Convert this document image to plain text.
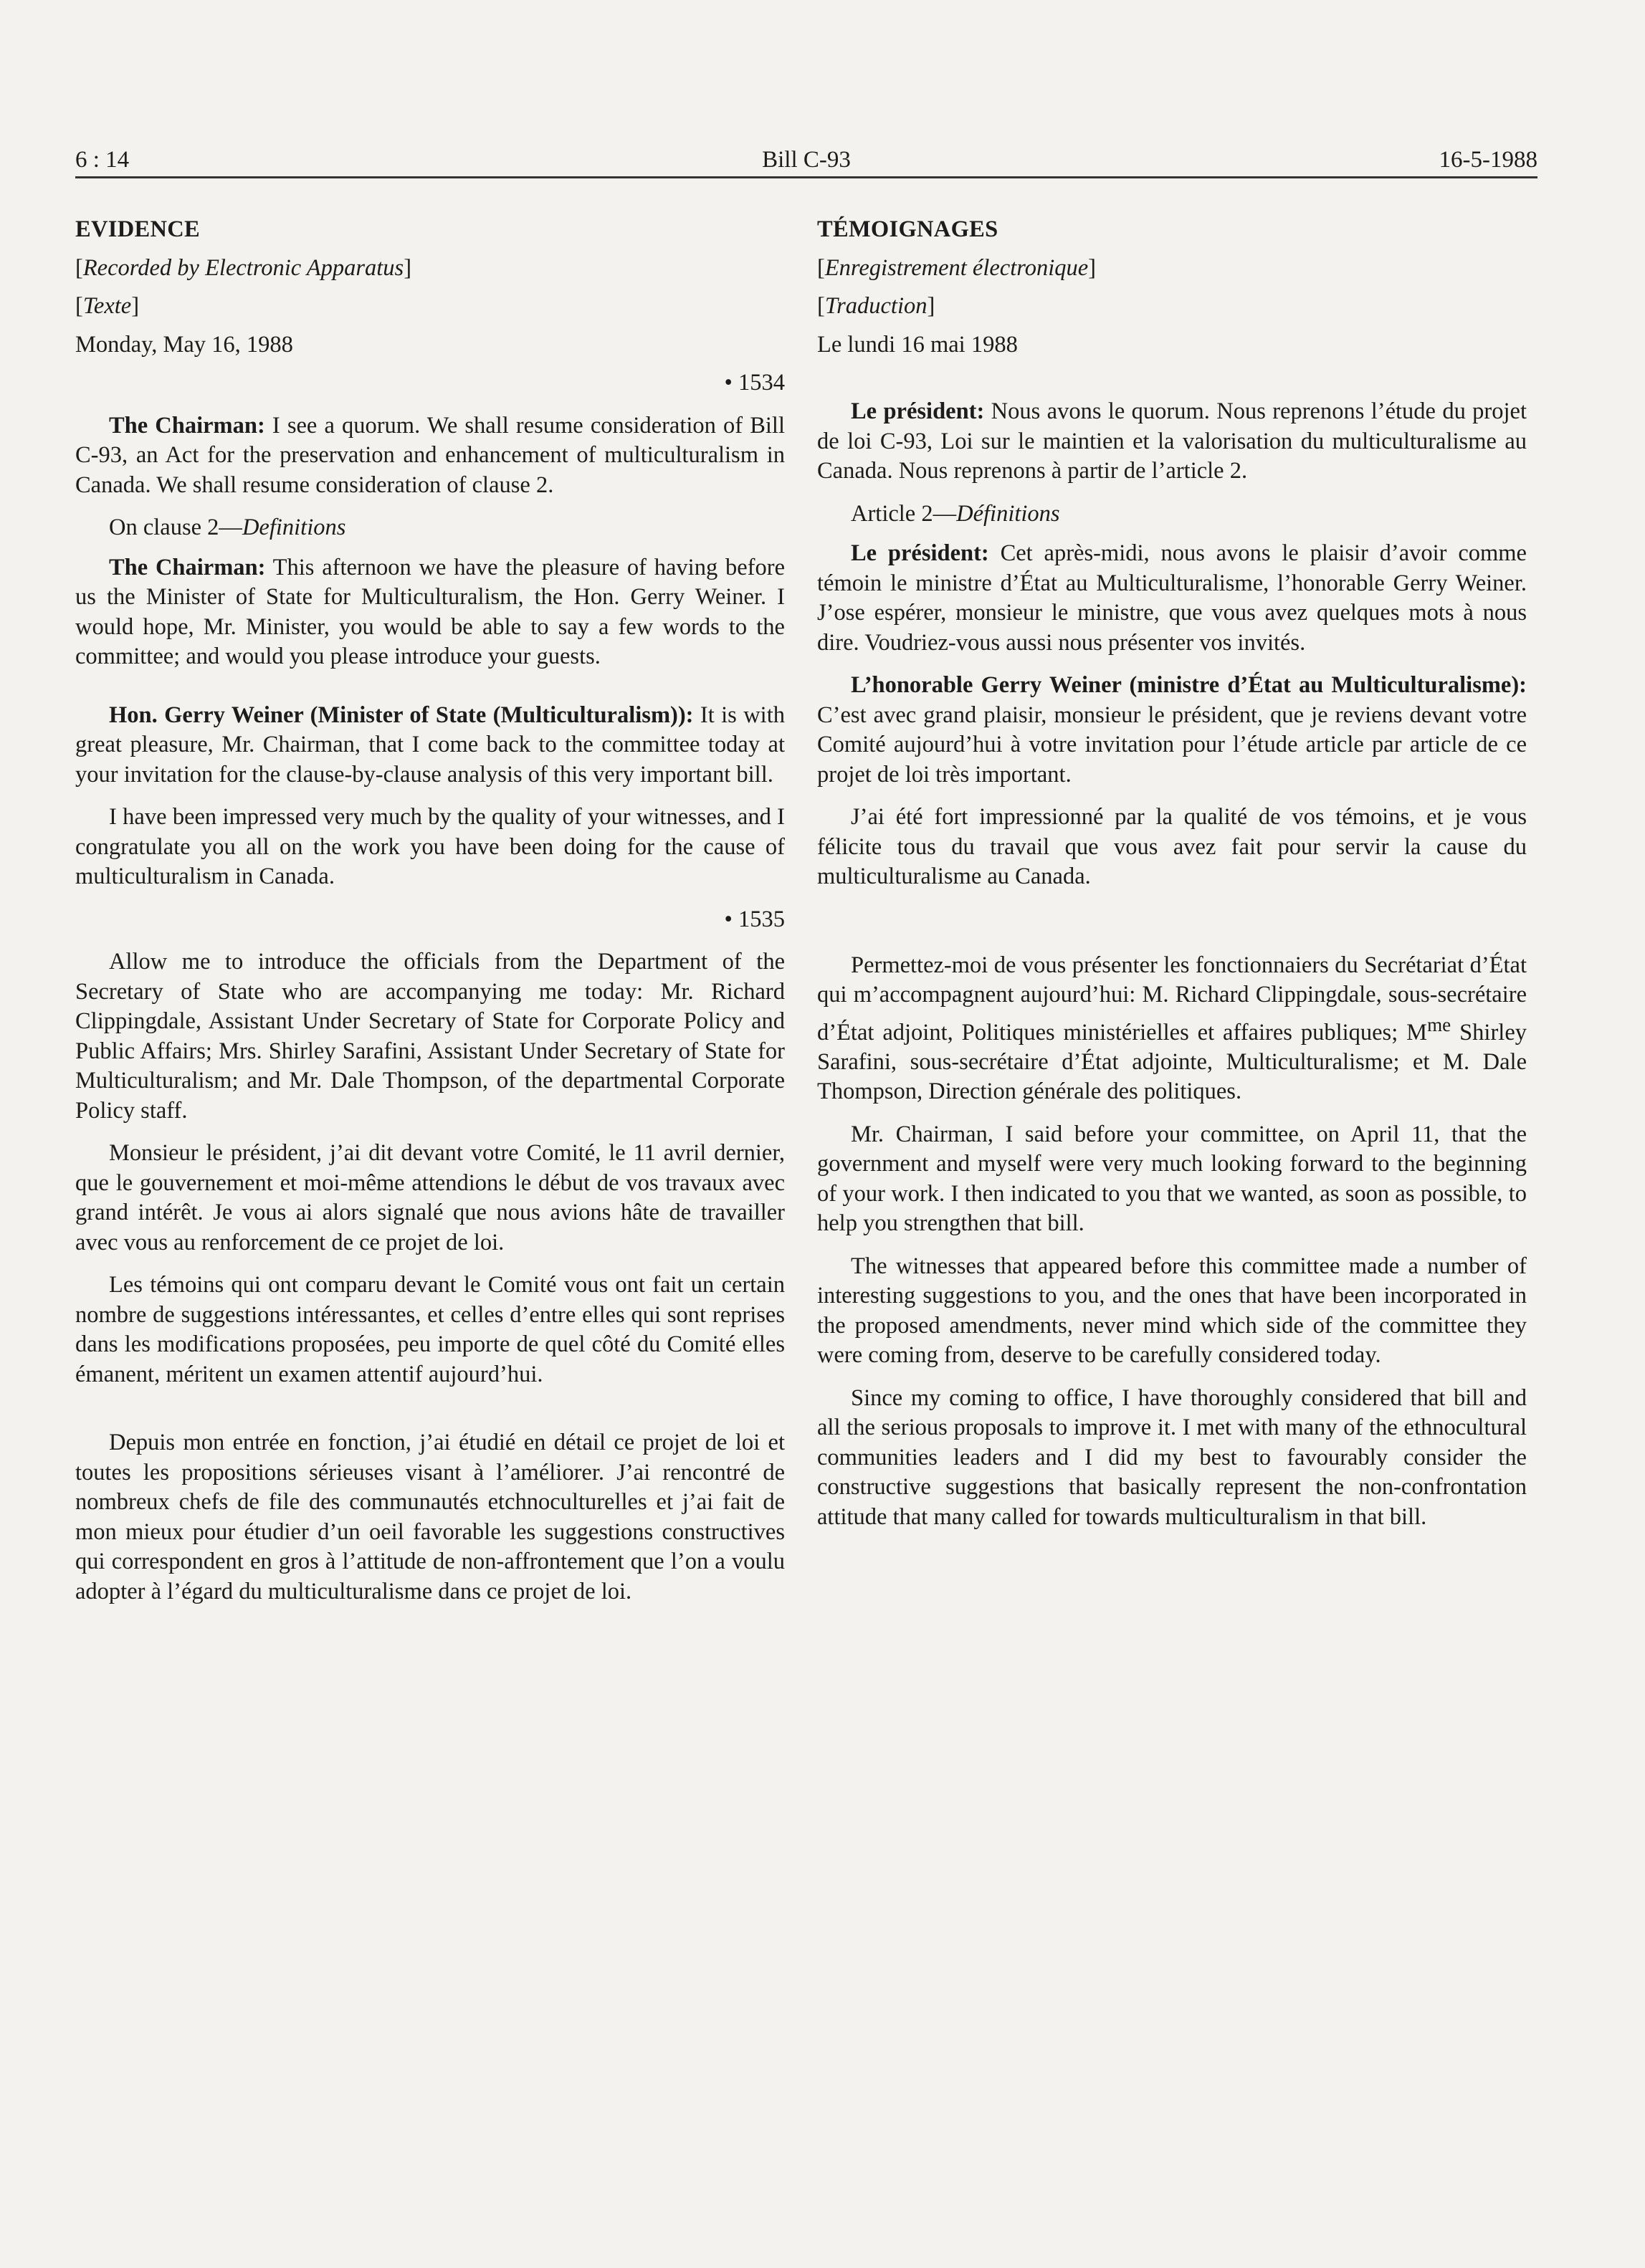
6 : 14	Bill C-93	16-5-1988

EVIDENCE

[Recorded by Electronic Apparatus]

[Texte]

Monday, May 16, 1988

• 1534

The Chairman: I see a quorum. We shall resume consideration of Bill C-93, an Act for the preservation and enhancement of multiculturalism in Canada. We shall resume consideration of clause 2.

On clause 2—Definitions

The Chairman: This afternoon we have the pleasure of having before us the Minister of State for Multiculturalism, the Hon. Gerry Weiner. I would hope, Mr. Minister, you would be able to say a few words to the committee; and would you please introduce your guests.

Hon. Gerry Weiner (Minister of State (Multiculturalism)): It is with great pleasure, Mr. Chairman, that I come back to the committee today at your invitation for the clause-by-clause analysis of this very important bill.

I have been impressed very much by the quality of your witnesses, and I congratulate you all on the work you have been doing for the cause of multiculturalism in Canada.

• 1535

Allow me to introduce the officials from the Department of the Secretary of State who are accompanying me today: Mr. Richard Clippingdale, Assistant Under Secretary of State for Corporate Policy and Public Affairs; Mrs. Shirley Sarafini, Assistant Under Secretary of State for Multiculturalism; and Mr. Dale Thompson, of the departmental Corporate Policy staff.

Monsieur le président, j’ai dit devant votre Comité, le 11 avril dernier, que le gouvernement et moi-même attendions le début de vos travaux avec grand intérêt. Je vous ai alors signalé que nous avions hâte de travailler avec vous au renforcement de ce projet de loi.

Les témoins qui ont comparu devant le Comité vous ont fait un certain nombre de suggestions intéressantes, et celles d’entre elles qui sont reprises dans les modifications proposées, peu importe de quel côté du Comité elles émanent, méritent un examen attentif aujourd’hui.

Depuis mon entrée en fonction, j’ai étudié en détail ce projet de loi et toutes les propositions sérieuses visant à l’améliorer. J’ai rencontré de nombreux chefs de file des communautés etchnoculturelles et j’ai fait de mon mieux pour étudier d’un oeil favorable les suggestions constructives qui correspondent en gros à l’attitude de non-affrontement que l’on a voulu adopter à l’égard du multiculturalisme dans ce projet de loi.

TÉMOIGNAGES

[Enregistrement électronique]

[Traduction]

Le lundi 16 mai 1988

Le président: Nous avons le quorum. Nous reprenons l’étude du projet de loi C-93, Loi sur le maintien et la valorisation du multiculturalisme au Canada. Nous reprenons à partir de l’article 2.

Article 2—Définitions

Le président: Cet après-midi, nous avons le plaisir d’avoir comme témoin le ministre d’État au Multiculturalisme, l’honorable Gerry Weiner. J’ose espérer, monsieur le ministre, que vous avez quelques mots à nous dire. Voudriez-vous aussi nous présenter vos invités.

L’honorable Gerry Weiner (ministre d’État au Multiculturalisme): C’est avec grand plaisir, monsieur le président, que je reviens devant votre Comité aujourd’hui à votre invitation pour l’étude article par article de ce projet de loi très important.

J’ai été fort impressionné par la qualité de vos témoins, et je vous félicite tous du travail que vous avez fait pour servir la cause du multiculturalisme au Canada.

Permettez-moi de vous présenter les fonctionnaiers du Secrétariat d’État qui m’accompagnent aujourd’hui: M. Richard Clippingdale, sous-secrétaire d’État adjoint, Politiques ministérielles et affaires publiques; $M^{me}$ Shirley Sarafini, sous-secrétaire d’État adjointe, Multiculturalisme; et M. Dale Thompson, Direction générale des politiques.

Mr. Chairman, I said before your committee, on April 11, that the government and myself were very much looking forward to the beginning of your work. I then indicated to you that we wanted, as soon as possible, to help you strengthen that bill.

The witnesses that appeared before this committee made a number of interesting suggestions to you, and the ones that have been incorporated in the proposed amendments, never mind which side of the committee they were coming from, deserve to be carefully considered today.

Since my coming to office, I have thoroughly considered that bill and all the serious proposals to improve it. I met with many of the ethnocultural communities leaders and I did my best to favourably consider the constructive suggestions that basically represent the non-confrontation attitude that many called for towards multiculturalism in that bill.
